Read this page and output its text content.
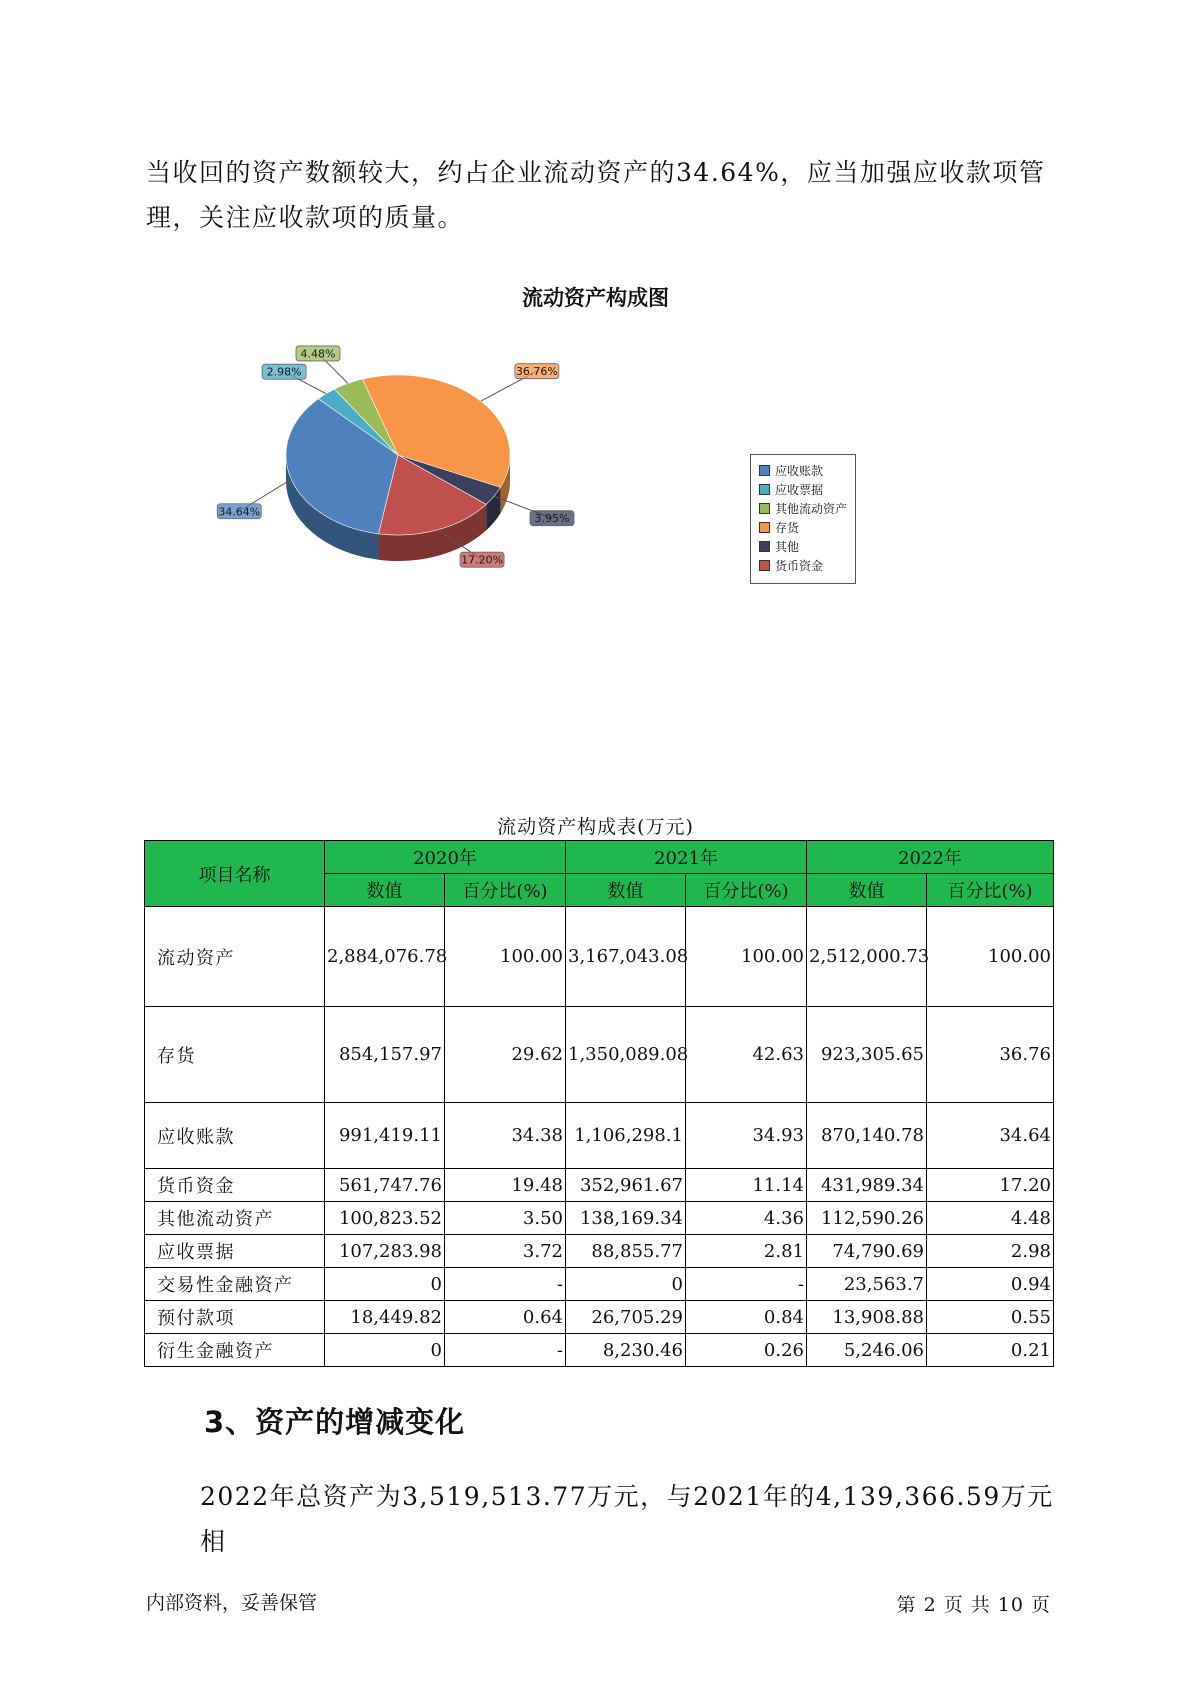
当收回的资产数额较大，约占企业流动资产的34.64%，应当加强应收款项管理，关注应收款项的质量。

流动资产构成图
34.64%
2.98%
4.48%
36.76%
3.95%
17.20%
应收账款
应收票据
其他流动资产
存货
其他
货币资金
流动资产构成表(万元)
项目名称	2020年		2021年		2022年	
	数值	百分比(%)	数值	百分比(%)	数值	百分比(%)
流动资产	2,884,076.78	100.00	3,167,043.08	100.00	2,512,000.73	100.00
存货	854,157.97	29.62	1,350,089.08	42.63	923,305.65	36.76
应收账款	991,419.11	34.38	1,106,298.1	34.93	870,140.78	34.64
货币资金	561,747.76	19.48	352,961.67	11.14	431,989.34	17.20
其他流动资产	100,823.52	3.50	138,169.34	4.36	112,590.26	4.48
应收票据	107,283.98	3.72	88,855.77	2.81	74,790.69	2.98
交易性金融资产	0	-	0	-	23,563.7	0.94
预付款项	18,449.82	0.64	26,705.29	0.84	13,908.88	0.55
衍生金融资产	0	-	8,230.46	0.26	5,246.06	0.21
3、资产的增减变化

2022年总资产为3,519,513.77万元，与2021年的4,139,366.59万元相

内部资料，妥善保管	第 2 页 共 10 页
